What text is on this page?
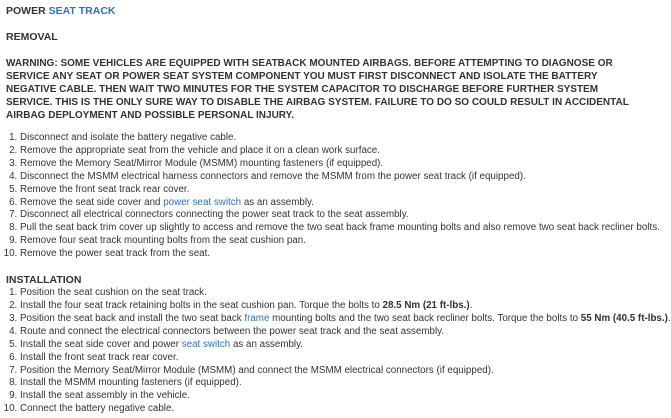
POWER SEAT TRACK

REMOVAL

WARNING: SOME VEHICLES ARE EQUIPPED WITH SEATBACK MOUNTED AIRBAGS. BEFORE ATTEMPTING TO DIAGNOSE OR SERVICE ANY SEAT OR POWER SEAT SYSTEM COMPONENT YOU MUST FIRST DISCONNECT AND ISOLATE THE BATTERY NEGATIVE CABLE. THEN WAIT TWO MINUTES FOR THE SYSTEM CAPACITOR TO DISCHARGE BEFORE FURTHER SYSTEM SERVICE. THIS IS THE ONLY SURE WAY TO DISABLE THE AIRBAG SYSTEM. FAILURE TO DO SO COULD RESULT IN ACCIDENTAL AIRBAG DEPLOYMENT AND POSSIBLE PERSONAL INJURY.

1. Disconnect and isolate the battery negative cable.
2. Remove the appropriate seat from the vehicle and place it on a clean work surface.
3. Remove the Memory Seat/Mirror Module (MSMM) mounting fasteners (if equipped).
4. Disconnect the MSMM electrical harness connectors and remove the MSMM from the power seat track (if equipped).
5. Remove the front seat track rear cover.
6. Remove the seat side cover and power seat switch as an assembly.
7. Disconnect all electrical connectors connecting the power seat track to the seat assembly.
8. Pull the seat back trim cover up slightly to access and remove the two seat back frame mounting bolts and also remove two seat back recliner bolts.
9. Remove four seat track mounting bolts from the seat cushion pan.
10. Remove the power seat track from the seat.

INSTALLATION

1. Position the seat cushion on the seat track.
2. Install the four seat track retaining bolts in the seat cushion pan. Torque the bolts to 28.5 Nm (21 ft-lbs.).
3. Position the seat back and install the two seat back frame mounting bolts and the two seat back recliner bolts. Torque the bolts to 55 Nm (40.5 ft-lbs.).
4. Route and connect the electrical connectors between the power seat track and the seat assembly.
5. Install the seat side cover and power seat switch as an assembly.
6. Install the front seat track rear cover.
7. Position the Memory Seat/Mirror Module (MSMM) and connect the MSMM electrical connectors (if equipped).
8. Install the MSMM mounting fasteners (if equipped).
9. Install the seat assembly in the vehicle.
10. Connect the battery negative cable.
